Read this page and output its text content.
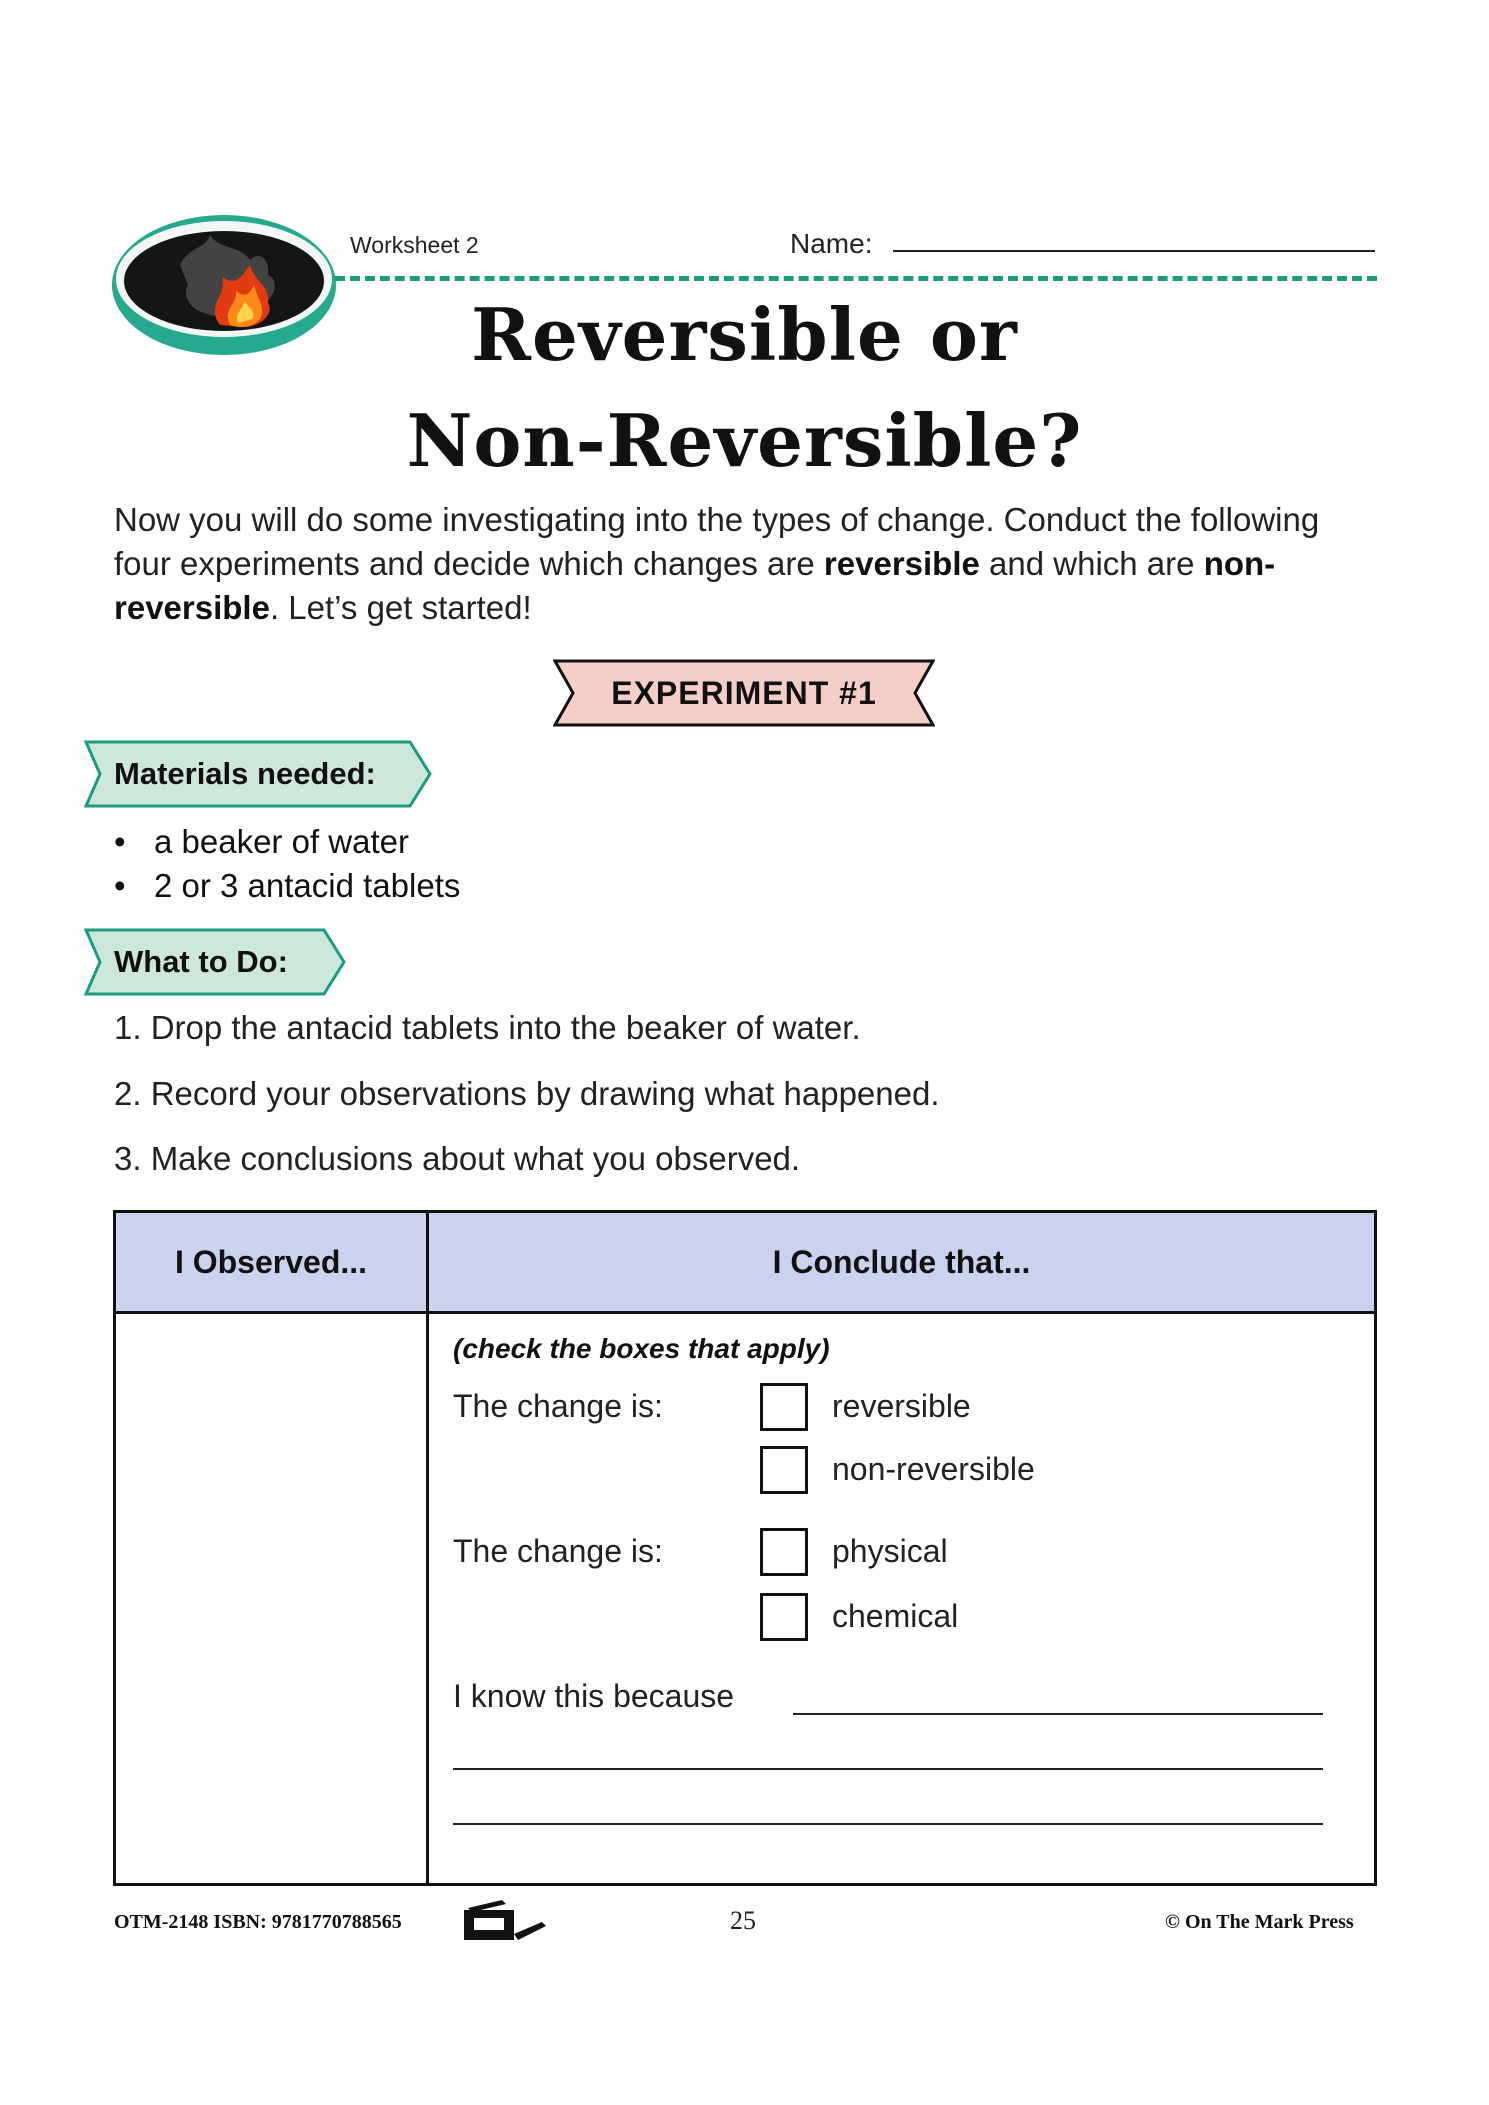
Worksheet 2	Name:
Reversible or
Non-Reversible?
Now you will do some investigating into the types of change. Conduct the following four experiments and decide which changes are reversible and which are non-reversible. Let’s get started!
EXPERIMENT #1
Materials needed:
• a beaker of water
• 2 or 3 antacid tablets
What to Do:
1. Drop the antacid tablets into the beaker of water.
2. Record your observations by drawing what happened.
3. Make conclusions about what you observed.
I Observed...	I Conclude that...
(check the boxes that apply)
The change is:	reversible
non-reversible
The change is:	physical
chemical
I know this because
OTM-2148 ISBN: 9781770788565	25	© On The Mark Press
